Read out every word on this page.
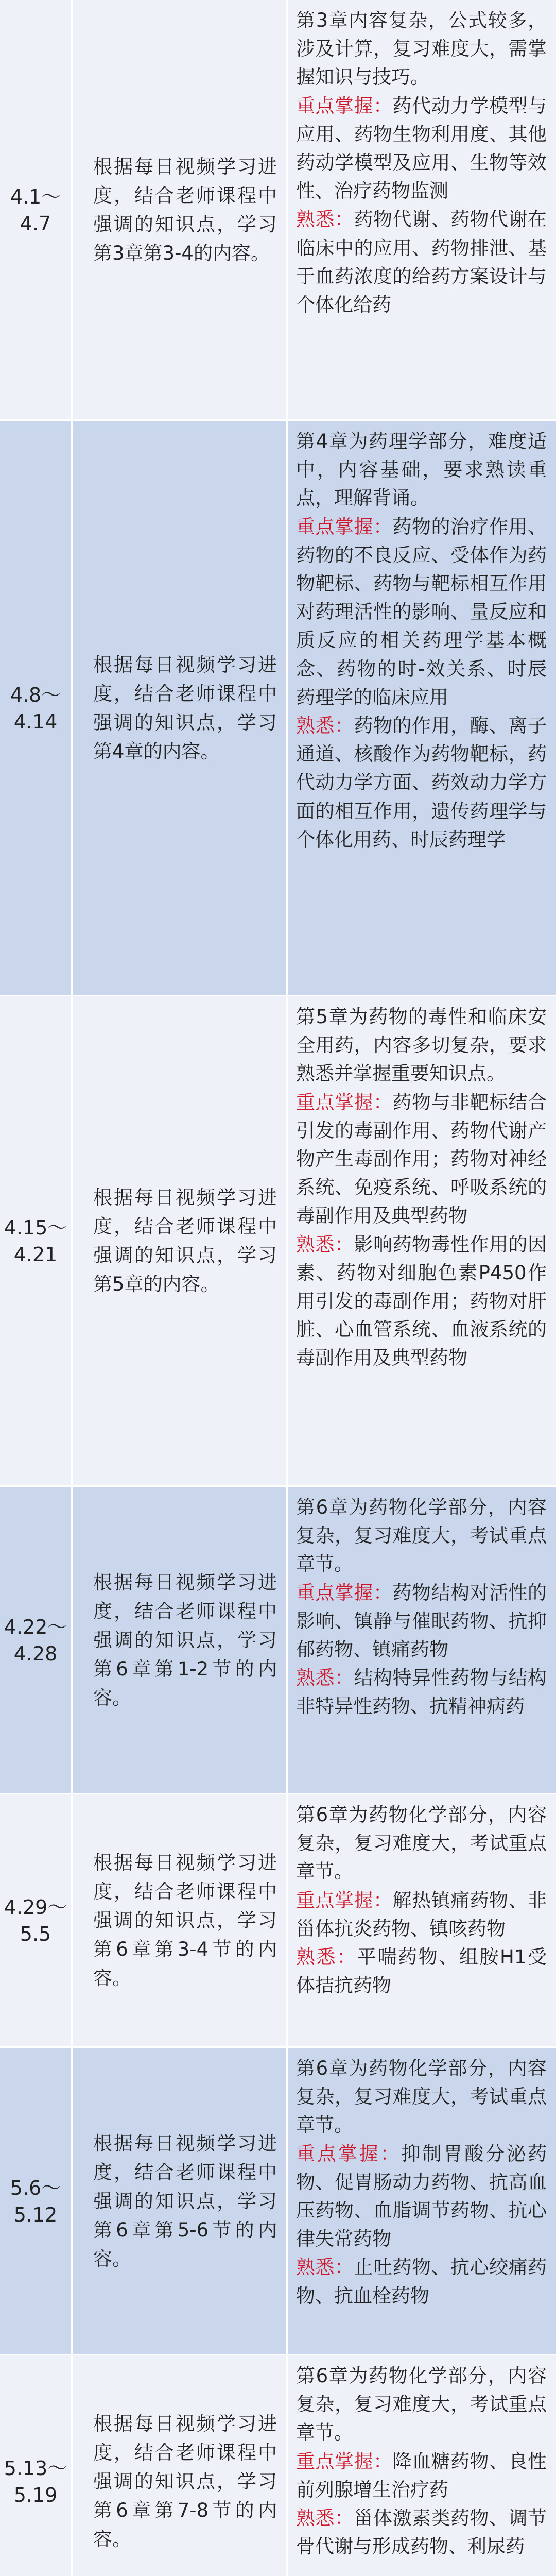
4.1～4.7
根据每日视频学习进度，结合老师课程中强调的知识点，学习第3章第3-4的内容。

第3章内容复杂，公式较多，涉及计算，复习难度大，需掌握知识与技巧。

重点掌握：药代动力学模型与应用、药物生物利用度、其他药动学模型及应用、生物等效性、治疗药物监测

熟悉：药物代谢、药物代谢在临床中的应用、药物排泄、基于血药浓度的给药方案设计与个体化给药

4.8～4.14
根据每日视频学习进度，结合老师课程中强调的知识点，学习第4章的内容。

第4章为药理学部分，难度适中，内容基础，要求熟读重点，理解背诵。

重点掌握：药物的治疗作用、药物的不良反应、受体作为药物靶标、药物与靶标相互作用对药理活性的影响、量反应和质反应的相关药理学基本概念、药物的时-效关系、时辰药理学的临床应用

熟悉：药物的作用，酶、离子通道、核酸作为药物靶标，药代动力学方面、药效动力学方面的相互作用，遗传药理学与个体化用药、时辰药理学

4.15～4.21
根据每日视频学习进度，结合老师课程中强调的知识点，学习第5章的内容。

第5章为药物的毒性和临床安全用药，内容多切复杂，要求熟悉并掌握重要知识点。

重点掌握：药物与非靶标结合引发的毒副作用、药物代谢产物产生毒副作用；药物对神经系统、免疫系统、呼吸系统的毒副作用及典型药物

熟悉：影响药物毒性作用的因素、药物对细胞色素P450作用引发的毒副作用；药物对肝脏、心血管系统、血液系统的毒副作用及典型药物

4.22～4.28
根据每日视频学习进度，结合老师课程中强调的知识点，学习第6章第1-2节的内容。

第6章为药物化学部分，内容复杂，复习难度大，考试重点章节。

重点掌握：药物结构对活性的影响、镇静与催眠药物、抗抑郁药物、镇痛药物

熟悉：结构特异性药物与结构非特异性药物、抗精神病药

4.29～5.5
根据每日视频学习进度，结合老师课程中强调的知识点，学习第6章第3-4节的内容。

第6章为药物化学部分，内容复杂，复习难度大，考试重点章节。

重点掌握：解热镇痛药物、非甾体抗炎药物、镇咳药物

熟悉：平喘药物、组胺H1受体拮抗药物

5.6～5.12
根据每日视频学习进度，结合老师课程中强调的知识点，学习第6章第5-6节的内容。

第6章为药物化学部分，内容复杂，复习难度大，考试重点章节。

重点掌握：抑制胃酸分泌药物、促胃肠动力药物、抗高血压药物、血脂调节药物、抗心律失常药物

熟悉：止吐药物、抗心绞痛药物、抗血栓药物

5.13～5.19
根据每日视频学习进度，结合老师课程中强调的知识点，学习第6章第7-8节的内容。

第6章为药物化学部分，内容复杂，复习难度大，考试重点章节。

重点掌握：降血糖药物、良性前列腺增生治疗药

熟悉：甾体激素类药物、调节骨代谢与形成药物、利尿药
